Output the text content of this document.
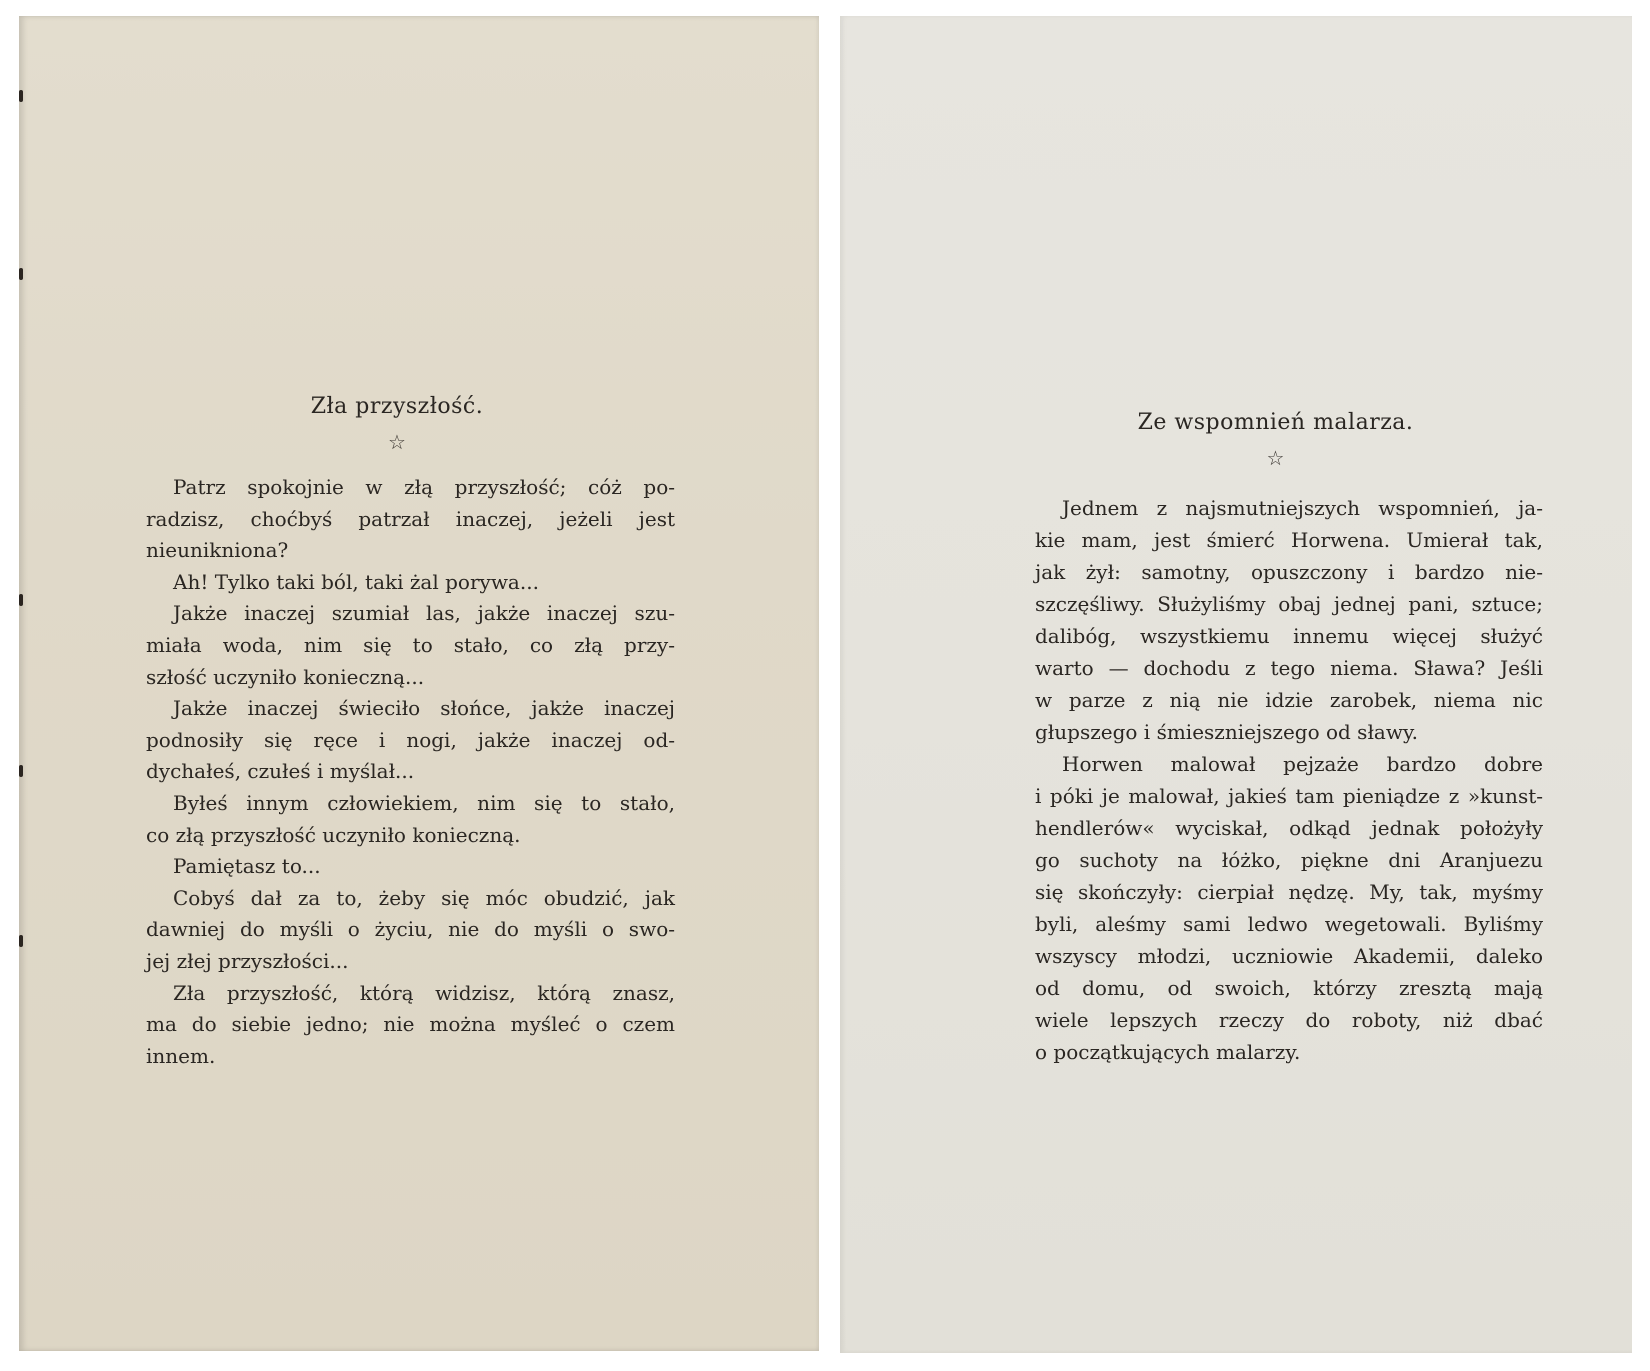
Zła przyszłość.
☆
Patrz spokojnie w złą przyszłość; cóż po-
radzisz, choćbyś patrzał inaczej, jeżeli jest
nieunikniona?
Ah! Tylko taki ból, taki żal porywa...
Jakże inaczej szumiał las, jakże inaczej szu-
miała woda, nim się to stało, co złą przy-
szłość uczyniło konieczną...
Jakże inaczej świeciło słońce, jakże inaczej
podnosiły się ręce i nogi, jakże inaczej od-
dychałeś, czułeś i myślał...
Byłeś innym człowiekiem, nim się to stało,
co złą przyszłość uczyniło konieczną.
Pamiętasz to...
Cobyś dał za to, żeby się móc obudzić, jak
dawniej do myśli o życiu, nie do myśli o swo-
jej złej przyszłości...
Zła przyszłość, którą widzisz, którą znasz,
ma do siebie jedno; nie można myśleć o czem
innem.
Ze wspomnień malarza.
☆
Jednem z najsmutniejszych wspomnień, ja-
kie mam, jest śmierć Horwena. Umierał tak,
jak żył: samotny, opuszczony i bardzo nie-
szczęśliwy. Służyliśmy obaj jednej pani, sztuce;
dalibóg, wszystkiemu innemu więcej służyć
warto — dochodu z tego niema. Sława? Jeśli
w parze z nią nie idzie zarobek, niema nic
głupszego i śmieszniejszego od sławy.
Horwen malował pejzaże bardzo dobre
i póki je malował, jakieś tam pieniądze z »kunst-
hendlerów« wyciskał, odkąd jednak położyły
go suchoty na łóżko, piękne dni Aranjuezu
się skończyły: cierpiał nędzę. My, tak, myśmy
byli, aleśmy sami ledwo wegetowali. Byliśmy
wszyscy młodzi, uczniowie Akademii, daleko
od domu, od swoich, którzy zresztą mają
wiele lepszych rzeczy do roboty, niż dbać
o początkujących malarzy.
